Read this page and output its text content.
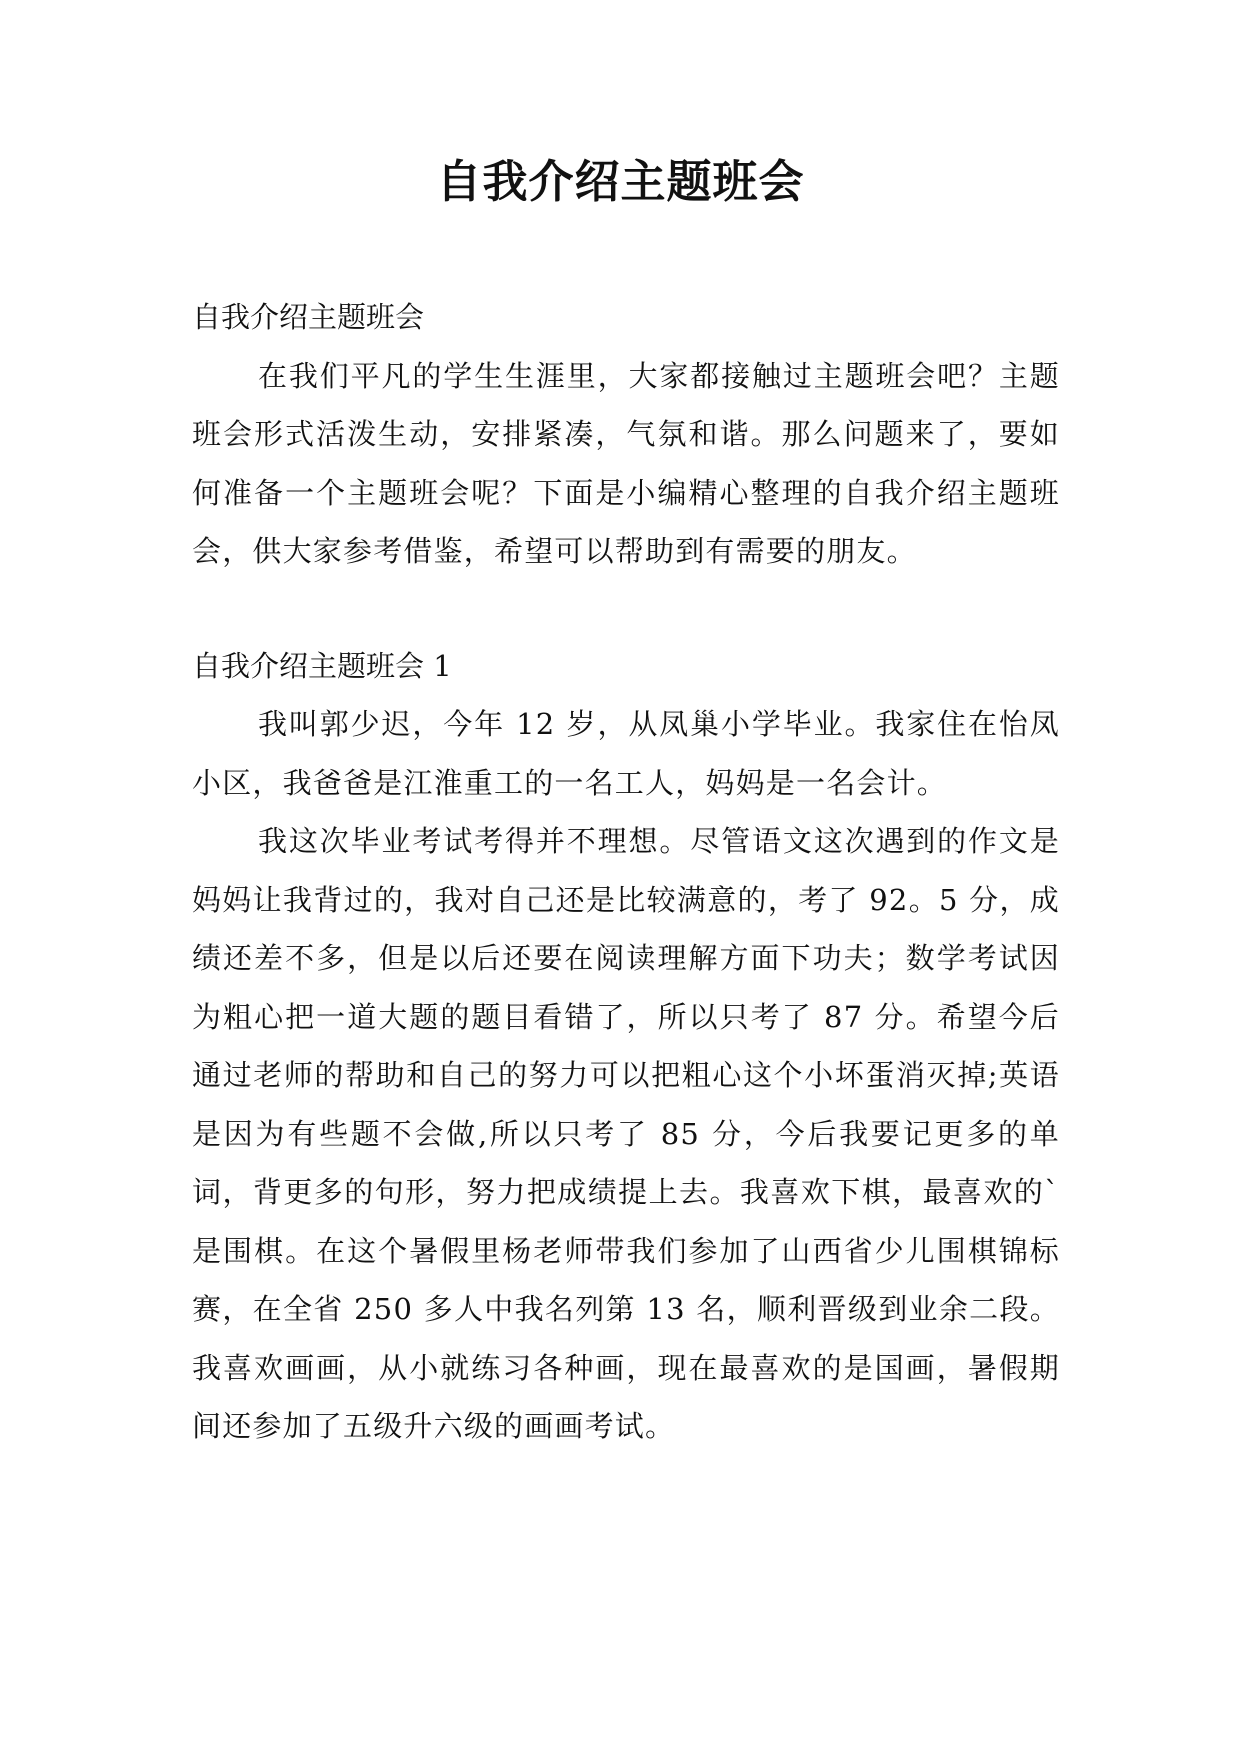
自我介绍主题班会

自我介绍主题班会

在我们平凡的学生生涯里，大家都接触过主题班会吧？主题班会形式活泼生动，安排紧凑，气氛和谐。那么问题来了，要如何准备一个主题班会呢？下面是小编精心整理的自我介绍主题班会，供大家参考借鉴，希望可以帮助到有需要的朋友。

自我介绍主题班会 1

我叫郭少迟，今年 12 岁，从凤巢小学毕业。我家住在怡凤小区，我爸爸是江淮重工的一名工人，妈妈是一名会计。

我这次毕业考试考得并不理想。尽管语文这次遇到的作文是妈妈让我背过的，我对自己还是比较满意的，考了 92。5 分，成绩还差不多，但是以后还要在阅读理解方面下功夫；数学考试因为粗心把一道大题的题目看错了，所以只考了 87 分。希望今后通过老师的帮助和自己的努力可以把粗心这个小坏蛋消灭掉;英语是因为有些题不会做,所以只考了 85 分，今后我要记更多的单词，背更多的句形，努力把成绩提上去。我喜欢下棋，最喜欢的`是围棋。在这个暑假里杨老师带我们参加了山西省少儿围棋锦标赛，在全省 250 多人中我名列第 13 名，顺利晋级到业余二段。我喜欢画画，从小就练习各种画，现在最喜欢的是国画，暑假期间还参加了五级升六级的画画考试。
